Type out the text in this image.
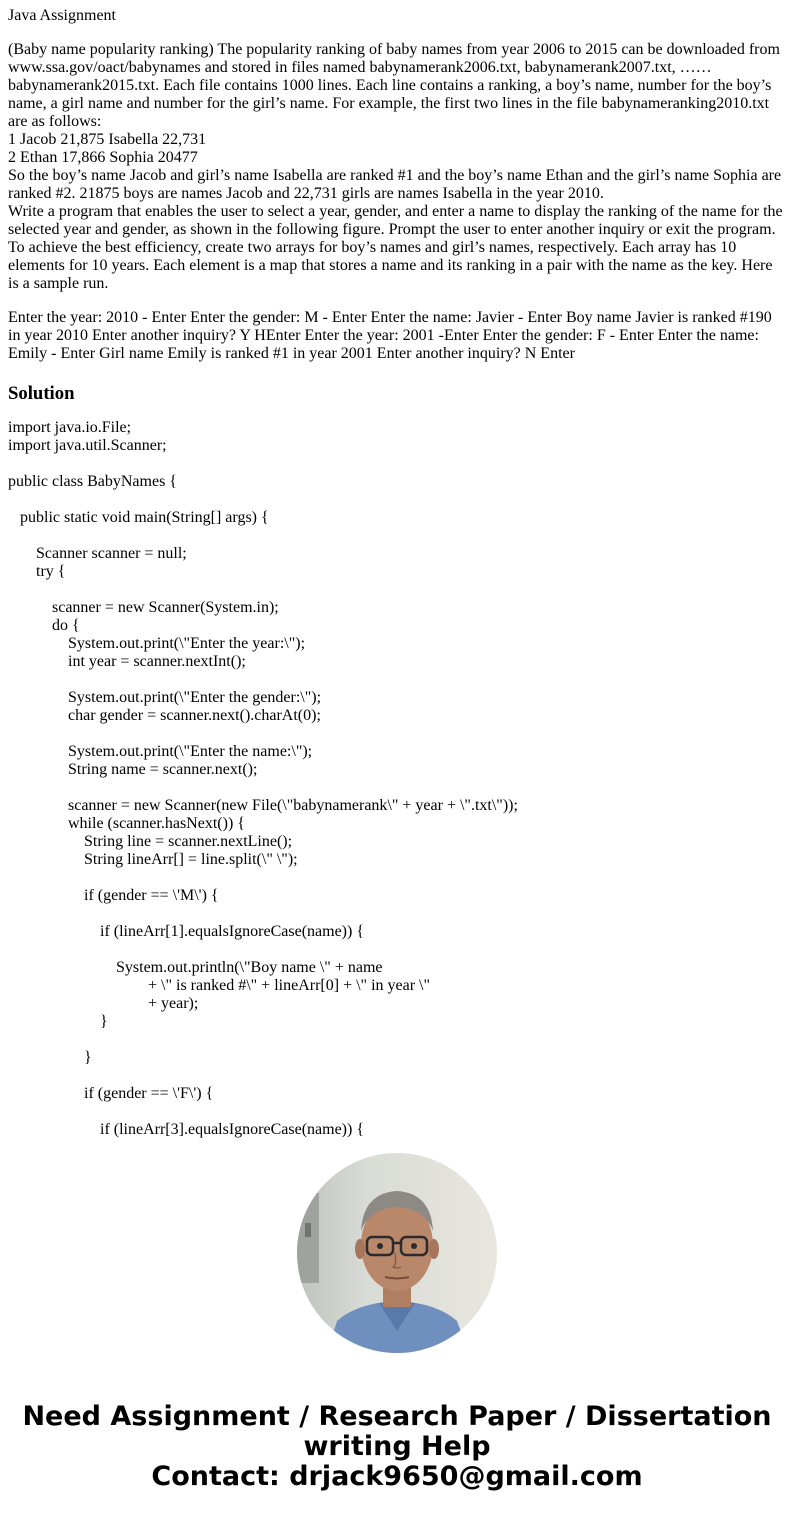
Java Assignment
(Baby name popularity ranking) The popularity ranking of baby names from year 2006 to 2015 can be downloaded from
www.ssa.gov/oact/babynames and stored in files named babynamerank2006.txt, babynamerank2007.txt, ……
babynamerank2015.txt. Each file contains 1000 lines. Each line contains a ranking, a boy’s name, number for the boy’s
name, a girl name and number for the girl’s name. For example, the first two lines in the file babynameranking2010.txt
are as follows:
1 Jacob 21,875 Isabella 22,731
2 Ethan 17,866 Sophia 20477
So the boy’s name Jacob and girl’s name Isabella are ranked #1 and the boy’s name Ethan and the girl’s name Sophia are
ranked #2. 21875 boys are names Jacob and 22,731 girls are names Isabella in the year 2010.
Write a program that enables the user to select a year, gender, and enter a name to display the ranking of the name for the
selected year and gender, as shown in the following figure. Prompt the user to enter another inquiry or exit the program.
To achieve the best efficiency, create two arrays for boy’s names and girl’s names, respectively. Each array has 10
elements for 10 years. Each element is a map that stores a name and its ranking in a pair with the name as the key. Here
is a sample run.
Enter the year: 2010 - Enter Enter the gender: M - Enter Enter the name: Javier - Enter Boy name Javier is ranked #190
in year 2010 Enter another inquiry? Y HEnter Enter the year: 2001 -Enter Enter the gender: F - Enter Enter the name:
Emily - Enter Girl name Emily is ranked #1 in year 2001 Enter another inquiry? N Enter
Solution
import java.io.File;
import java.util.Scanner;
public class BabyNames {
public static void main(String[] args) {
Scanner scanner = null;
try {
scanner = new Scanner(System.in);
do {
System.out.print(\"Enter the year:\");
int year = scanner.nextInt();
System.out.print(\"Enter the gender:\");
char gender = scanner.next().charAt(0);
System.out.print(\"Enter the name:\");
String name = scanner.next();
scanner = new Scanner(new File(\"babynamerank\" + year + \".txt\"));
while (scanner.hasNext()) {
String line = scanner.nextLine();
String lineArr[] = line.split(\" \");
if (gender == \'M\') {
if (lineArr[1].equalsIgnoreCase(name)) {
System.out.println(\"Boy name \" + name
+ \" is ranked #\" + lineArr[0] + \" in year \"
+ year);
}
}
if (gender == \'F\') {
if (lineArr[3].equalsIgnoreCase(name)) {
Need Assignment / Research Paper / Dissertation
writing Help
Contact: drjack9650@gmail.com
